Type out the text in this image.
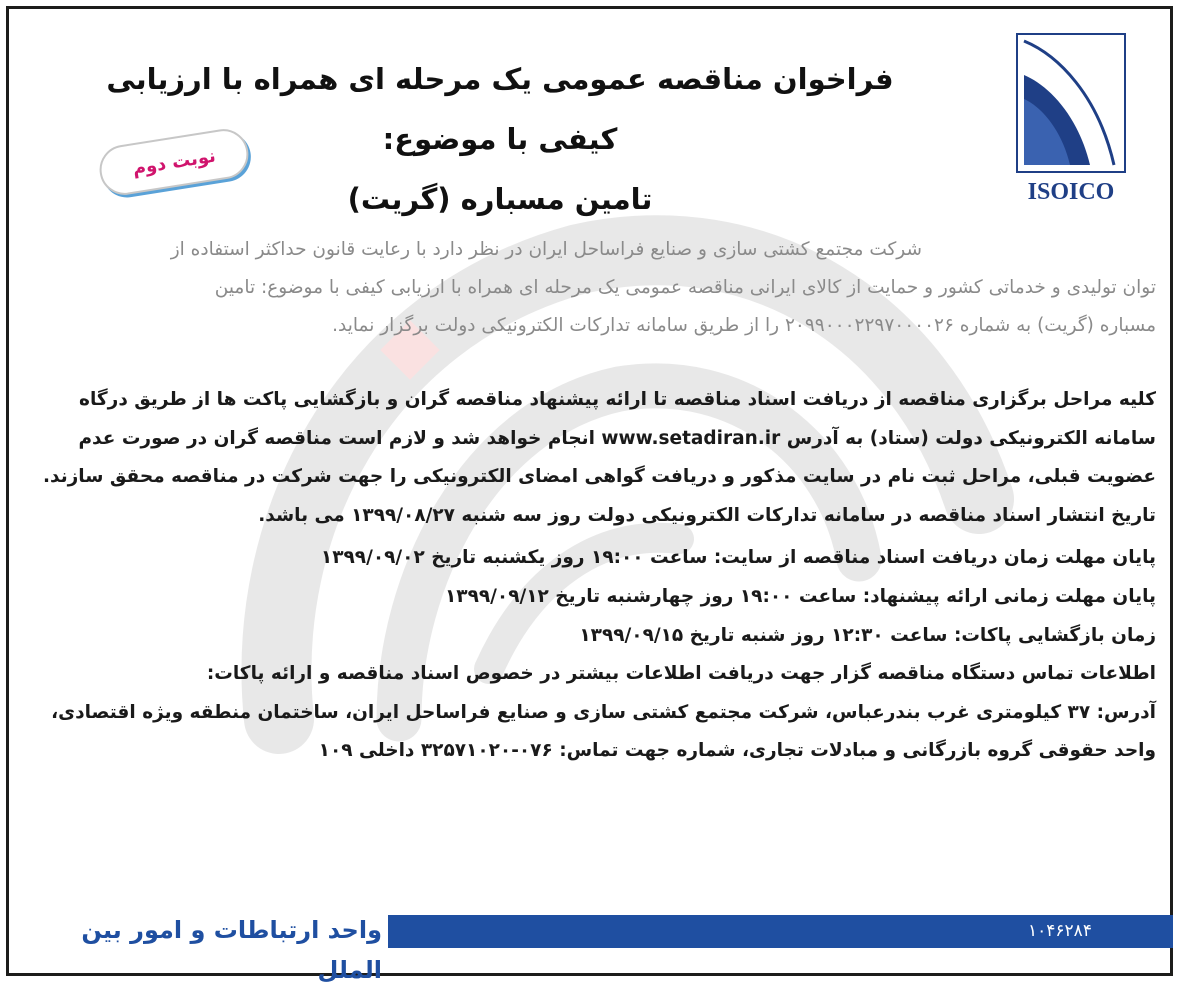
ISOICO
فراخوان مناقصه عمومی یک مرحله ای همراه با ارزیابی کیفی با موضوع:
تامین مسباره (گریت)
نوبت دوم

شرکت مجتمع کشتی سازی و صنایع فراساحل ایران در نظر دارد با رعایت قانون حداکثر استفاده از

توان تولیدی و خدماتی کشور و حمایت از کالای ایرانی مناقصه عمومی یک مرحله ای همراه با ارزیابی کیفی با موضوع: تامین

مسباره (گریت) به شماره ۲۰۹۹۰۰۰۲۲۹۷۰۰۰۰۲۶ را از طریق سامانه تدارکات الکترونیکی دولت برگزار نماید.

کلیه مراحل برگزاری مناقصه از دریافت اسناد مناقصه تا ارائه پیشنهاد مناقصه گران و بازگشایی پاکت ها از طریق درگاه

سامانه الکترونیکی دولت (ستاد) به آدرس www.setadiran.ir انجام خواهد شد و لازم است مناقصه گران در صورت عدم

عضویت قبلی، مراحل ثبت نام در سایت مذکور و دریافت گواهی امضای الکترونیکی را جهت شرکت در مناقصه محقق سازند.

تاریخ انتشار اسناد مناقصه در سامانه تدارکات الکترونیکی دولت روز سه شنبه ۱۳۹۹/۰۸/۲۷ می باشد.

پایان مهلت زمان دریافت اسناد مناقصه از سایت: ساعت ۱۹:۰۰ روز یکشنبه تاریخ ۱۳۹۹/۰۹/۰۲

پایان مهلت زمانی ارائه پیشنهاد: ساعت ۱۹:۰۰ روز چهارشنبه تاریخ ۱۳۹۹/۰۹/۱۲

زمان بازگشایی پاکات: ساعت ۱۲:۳۰ روز شنبه تاریخ ۱۳۹۹/۰۹/۱۵

اطلاعات تماس دستگاه مناقصه گزار جهت دریافت اطلاعات بیشتر در خصوص اسناد مناقصه و ارائه پاکات:

آدرس: ۳۷ کیلومتری غرب بندرعباس، شرکت مجتمع کشتی سازی و صنایع فراساحل ایران، ساختمان منطقه ویژه اقتصادی،

واحد حقوقی گروه بازرگانی و مبادلات تجاری، شماره جهت تماس: ۰۷۶-۳۲۵۷۱۰۲۰ داخلی ۱۰۹

۱۰۴۶۲۸۴
واحد ارتباطات و امور بین الملل
